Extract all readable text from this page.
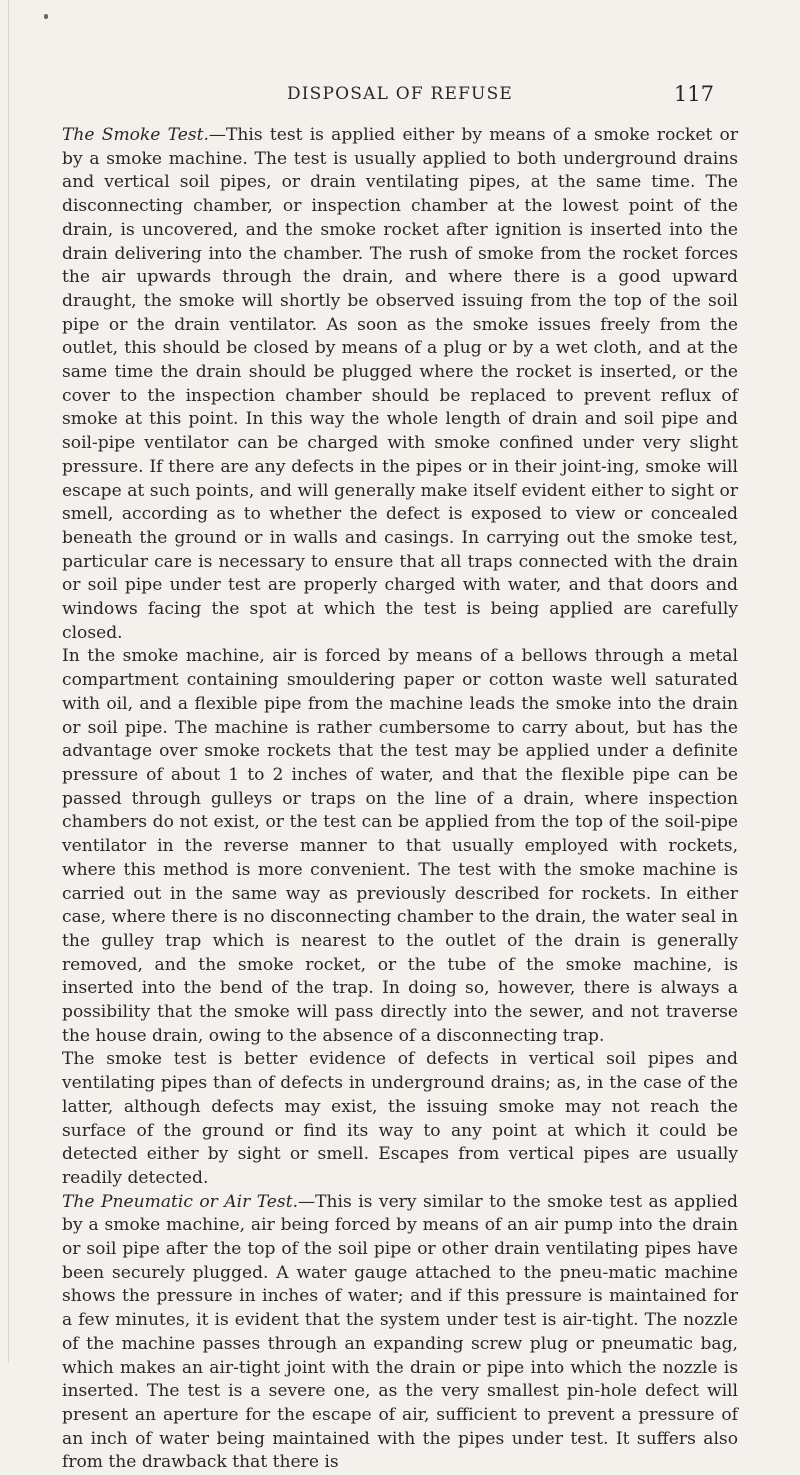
DISPOSAL OF REFUSE	117

The Smoke Test.—This test is applied either by means of a smoke rocket or by a smoke machine. The test is usually applied to both underground drains and vertical soil pipes, or drain ventilating pipes, at the same time. The disconnecting chamber, or inspection chamber at the lowest point of the drain, is uncovered, and the smoke rocket after ignition is inserted into the drain delivering into the chamber. The rush of smoke from the rocket forces the air upwards through the drain, and where there is a good upward draught, the smoke will shortly be observed issuing from the top of the soil pipe or the drain ventilator. As soon as the smoke issues freely from the outlet, this should be closed by means of a plug or by a wet cloth, and at the same time the drain should be plugged where the rocket is inserted, or the cover to the inspection chamber should be replaced to prevent reflux of smoke at this point. In this way the whole length of drain and soil pipe and soil-pipe ventilator can be charged with smoke confined under very slight pressure. If there are any defects in the pipes or in their joint-ing, smoke will escape at such points, and will generally make itself evident either to sight or smell, according as to whether the defect is exposed to view or concealed beneath the ground or in walls and casings. In carrying out the smoke test, particular care is necessary to ensure that all traps connected with the drain or soil pipe under test are properly charged with water, and that doors and windows facing the spot at which the test is being applied are carefully closed.

In the smoke machine, air is forced by means of a bellows through a metal compartment containing smouldering paper or cotton waste well saturated with oil, and a flexible pipe from the machine leads the smoke into the drain or soil pipe. The machine is rather cumbersome to carry about, but has the advantage over smoke rockets that the test may be applied under a definite pressure of about 1 to 2 inches of water, and that the flexible pipe can be passed through gulleys or traps on the line of a drain, where inspection chambers do not exist, or the test can be applied from the top of the soil-pipe ventilator in the reverse manner to that usually employed with rockets, where this method is more convenient. The test with the smoke machine is carried out in the same way as previously described for rockets. In either case, where there is no disconnecting chamber to the drain, the water seal in the gulley trap which is nearest to the outlet of the drain is generally removed, and the smoke rocket, or the tube of the smoke machine, is inserted into the bend of the trap. In doing so, however, there is always a possibility that the smoke will pass directly into the sewer, and not traverse the house drain, owing to the absence of a disconnecting trap.

The smoke test is better evidence of defects in vertical soil pipes and ventilating pipes than of defects in underground drains; as, in the case of the latter, although defects may exist, the issuing smoke may not reach the surface of the ground or find its way to any point at which it could be detected either by sight or smell. Escapes from vertical pipes are usually readily detected.

The Pneumatic or Air Test.—This is very similar to the smoke test as applied by a smoke machine, air being forced by means of an air pump into the drain or soil pipe after the top of the soil pipe or other drain ventilating pipes have been securely plugged. A water gauge attached to the pneu-matic machine shows the pressure in inches of water; and if this pressure is maintained for a few minutes, it is evident that the system under test is air-tight. The nozzle of the machine passes through an expanding screw plug or pneumatic bag, which makes an air-tight joint with the drain or pipe into which the nozzle is inserted. The test is a severe one, as the very smallest pin-hole defect will present an aperture for the escape of air, sufficient to prevent a pressure of an inch of water being maintained with the pipes under test. It suffers also from the drawback that there is
